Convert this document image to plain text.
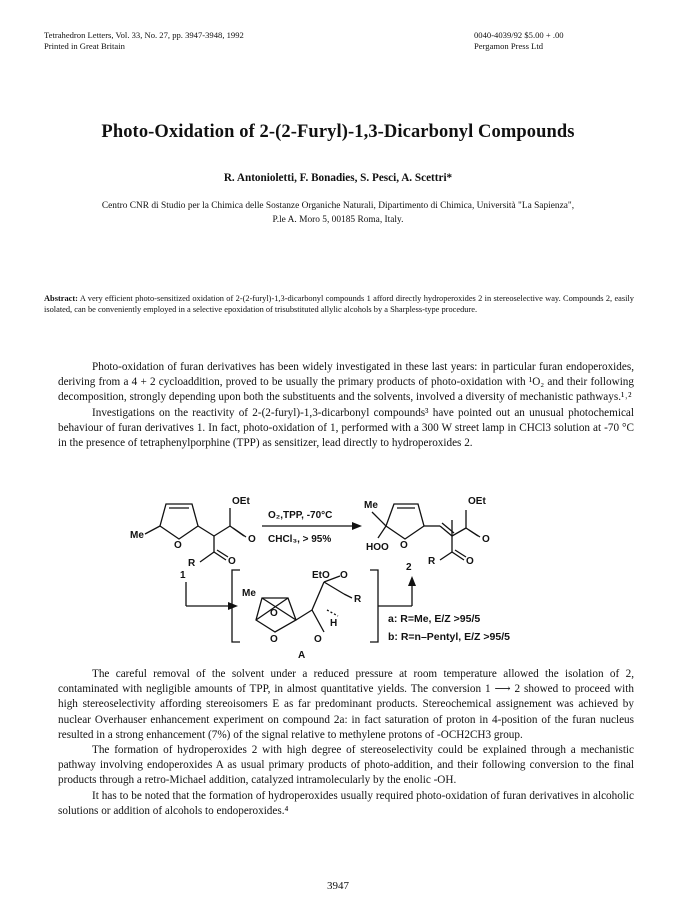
Tetrahedron Letters, Vol. 33, No. 27, pp. 3947-3948, 1992
Printed in Great Britain
0040-4039/92 $5.00 + .00
Pergamon Press Ltd
Photo-Oxidation of 2-(2-Furyl)-1,3-Dicarbonyl Compounds
R. Antonioletti, F. Bonadies, S. Pesci, A. Scettri*
Centro CNR di Studio per la Chimica delle Sostanze Organiche Naturali, Dipartimento di Chimica, Università "La Sapienza",
P.le A. Moro 5, 00185 Roma, Italy.
Abstract: A very efficient photo-sensitized oxidation of 2-(2-furyl)-1,3-dicarbonyl compounds 1 afford directly hydroperoxides 2 in stereoselective way. Compounds 2, easily isolated, can be conveniently employed in a selective epoxidation of trisubstituted allylic alcohols by a Sharpless-type procedure.

Photo-oxidation of furan derivatives has been widely investigated in these last years: in particular furan endoperoxides, deriving from a 4 + 2 cycloaddition, proved to be usually the primary products of photo-oxidation with ¹O₂ and their following decomposition, strongly depending upon both the substituents and the solvents, involved a diversity of mechanistic pathways.¹˒²

Investigations on the reactivity of 2-(2-furyl)-1,3-dicarbonyl compounds³ have pointed out an unusual photochemical behaviour of furan derivatives 1. In fact, photo-oxidation of 1, performed with a 300 W street lamp in CHCl3 solution at -70 °C in the presence of tetraphenylporphine (TPP) as sensitizer, lead directly to hydroperoxides 2.

OEt
Me
O
O
R	O
1
O₂,TPP, -70°C
CHCl₃, > 95%
Me
HOO O
OEt
O
R	O
2
EtO O
Me
R
O
O	O
H
A
a: R=Me, E/Z >95/5
b: R=n–Pentyl, E/Z >95/5

The careful removal of the solvent under a reduced pressure at room temperature allowed the isolation of 2, contaminated with negligible amounts of TPP, in almost quantitative yields. The conversion 1 ⟶ 2 showed to proceed with high stereoselectivity affording stereoisomers E as far predominant products. Stereochemical assignement was achieved by nuclear Overhauser enhancement experiment on compound 2a: in fact saturation of proton in 4-position of the furan nucleus resulted in a strong enhancement (7%) of the signal relative to methylene protons of -OCH2CH3 group.

The formation of hydroperoxides 2 with high degree of stereoselectivity could be explained through a mechanistic pathway involving endoperoxides A as usual primary products of photo-addition, and their following conversion to the final products through a retro-Michael addition, catalyzed intramolecularly by the enolic -OH.

It has to be noted that the formation of hydroperoxides usually required photo-oxidation of furan derivatives in alcoholic solutions or addition of alcohols to endoperoxides.⁴

3947
